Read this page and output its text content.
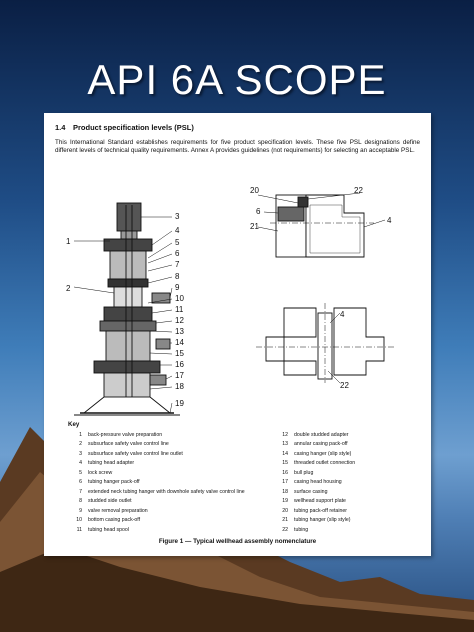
API 6A SCOPE
1.4 Product specification levels (PSL)
This International Standard establishes requirements for five product specification levels. These five PSL designations define different levels of technical quality requirements. Annex A provides guidelines (not requirements) for selecting an acceptable PSL.
1
2
3
4
5
6
7
8
9
10
11
12
13
14
15
16
17
18
19
20
6
21
22
4
4
22
Key
1 back-pressure valve preparation
2 subsurface safety valve control line
3 subsurface safety valve control line outlet
4 tubing head adapter
5 lock screw
6 tubing hanger pack-off
7 extended neck tubing hanger with downhole safety valve control line
8 studded side outlet
9 valve removal preparation
10 bottom casing pack-off
11 tubing head spool
12 double studded adapter
13 annular casing pack-off
14 casing hanger (slip style)
15 threaded outlet connection
16 bull plug
17 casing head housing
18 surface casing
19 wellhead support plate
20 tubing pack-off retainer
21 tubing hanger (slip style)
22 tubing
Figure 1 — Typical wellhead assembly nomenclature
